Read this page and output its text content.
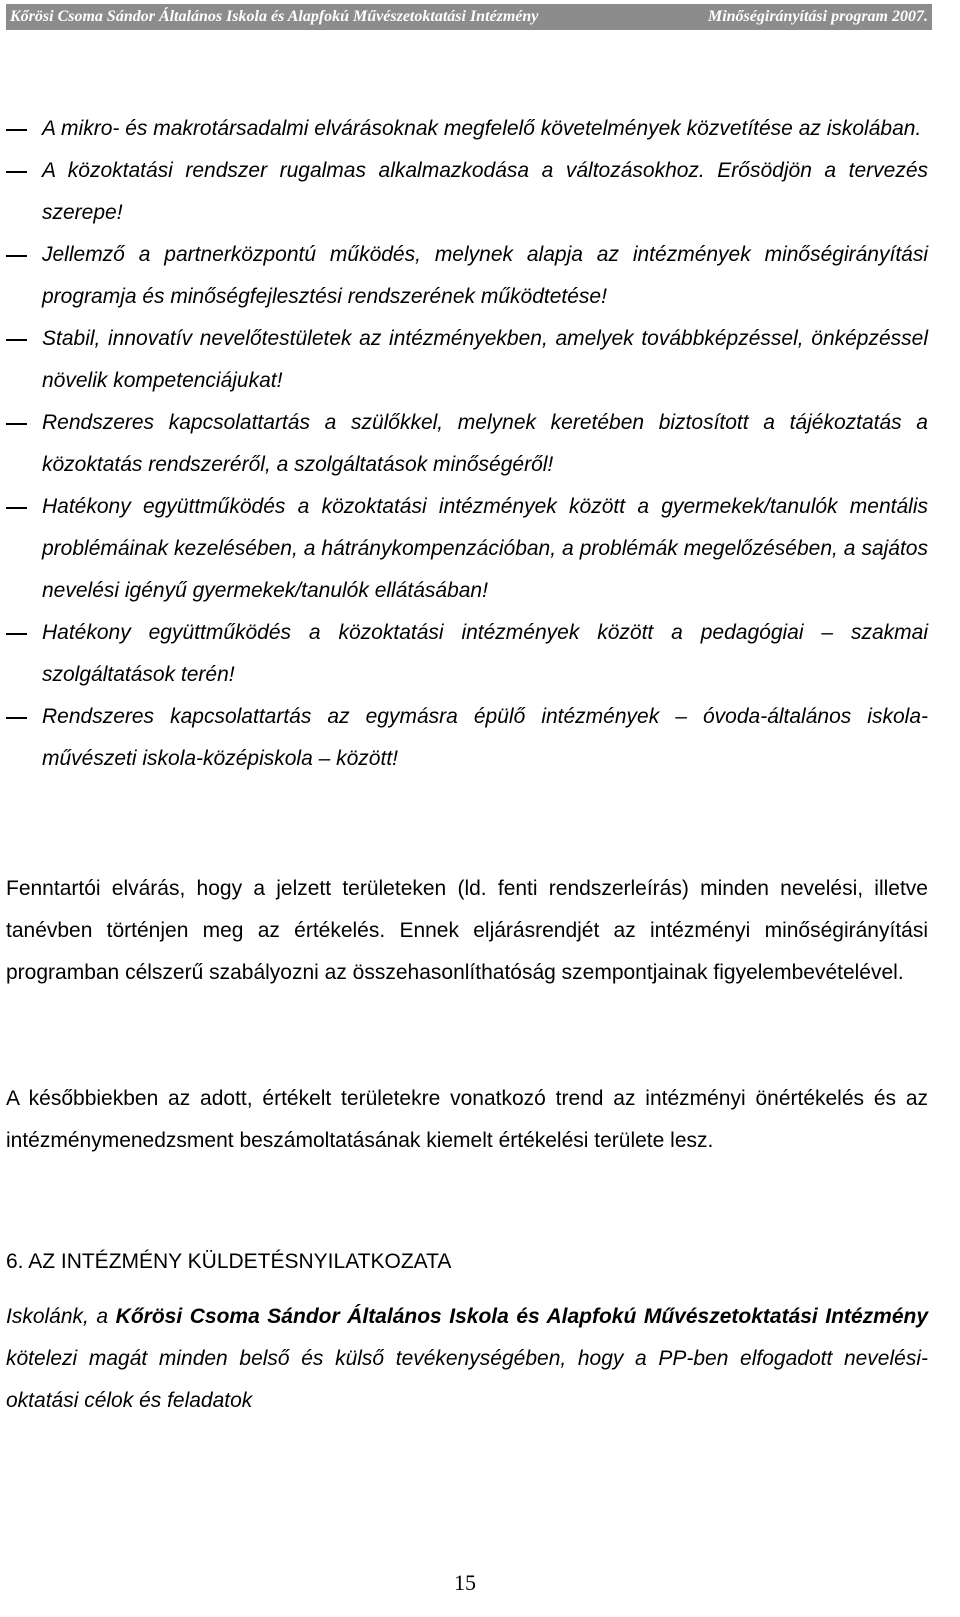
Kőrösi Csoma Sándor Általános Iskola és Alapfokú Művészetoktatási Intézmény	Minőségirányítási program 2007.
A mikro- és makrotársadalmi elvárásoknak megfelelő követelmények közvetítése az iskolában.
A közoktatási rendszer rugalmas alkalmazkodása a változásokhoz. Erősödjön a tervezés szerepe!
Jellemző a partnerközpontú működés, melynek alapja az intézmények minőségirányítási programja és minőségfejlesztési rendszerének működtetése!
Stabil, innovatív nevelőtestületek az intézményekben, amelyek továbbképzéssel, önképzéssel növelik kompetenciájukat!
Rendszeres kapcsolattartás a szülőkkel, melynek keretében biztosított a tájékoztatás a közoktatás rendszeréről, a szolgáltatások minőségéről!
Hatékony együttműködés a közoktatási intézmények között a gyermekek/tanulók mentális problémáinak kezelésében, a hátránykompenzációban, a problémák megelőzésében, a sajátos nevelési igényű gyermekek/tanulók ellátásában!
Hatékony együttműködés a közoktatási intézmények között a pedagógiai – szakmai szolgáltatások terén!
Rendszeres kapcsolattartás az egymásra épülő intézmények – óvoda-általános iskola-művészeti iskola-középiskola – között!

Fenntartói elvárás, hogy a jelzett területeken (ld. fenti rendszerleírás) minden nevelési, illetve tanévben történjen meg az értékelés. Ennek eljárásrendjét az intézményi minőségirányítási programban célszerű szabályozni az összehasonlíthatóság szempontjainak figyelembevételével.

A későbbiekben az adott, értékelt területekre vonatkozó trend az intézményi önértékelés és az intézménymenedzsment beszámoltatásának kiemelt értékelési területe lesz.

6. AZ INTÉZMÉNY KÜLDETÉSNYILATKOZATA

Iskolánk, a Kőrösi Csoma Sándor Általános Iskola és Alapfokú Művészetoktatási Intézmény kötelezi magát minden belső és külső tevékenységében, hogy a PP-ben elfogadott nevelési-oktatási célok és feladatok

15
